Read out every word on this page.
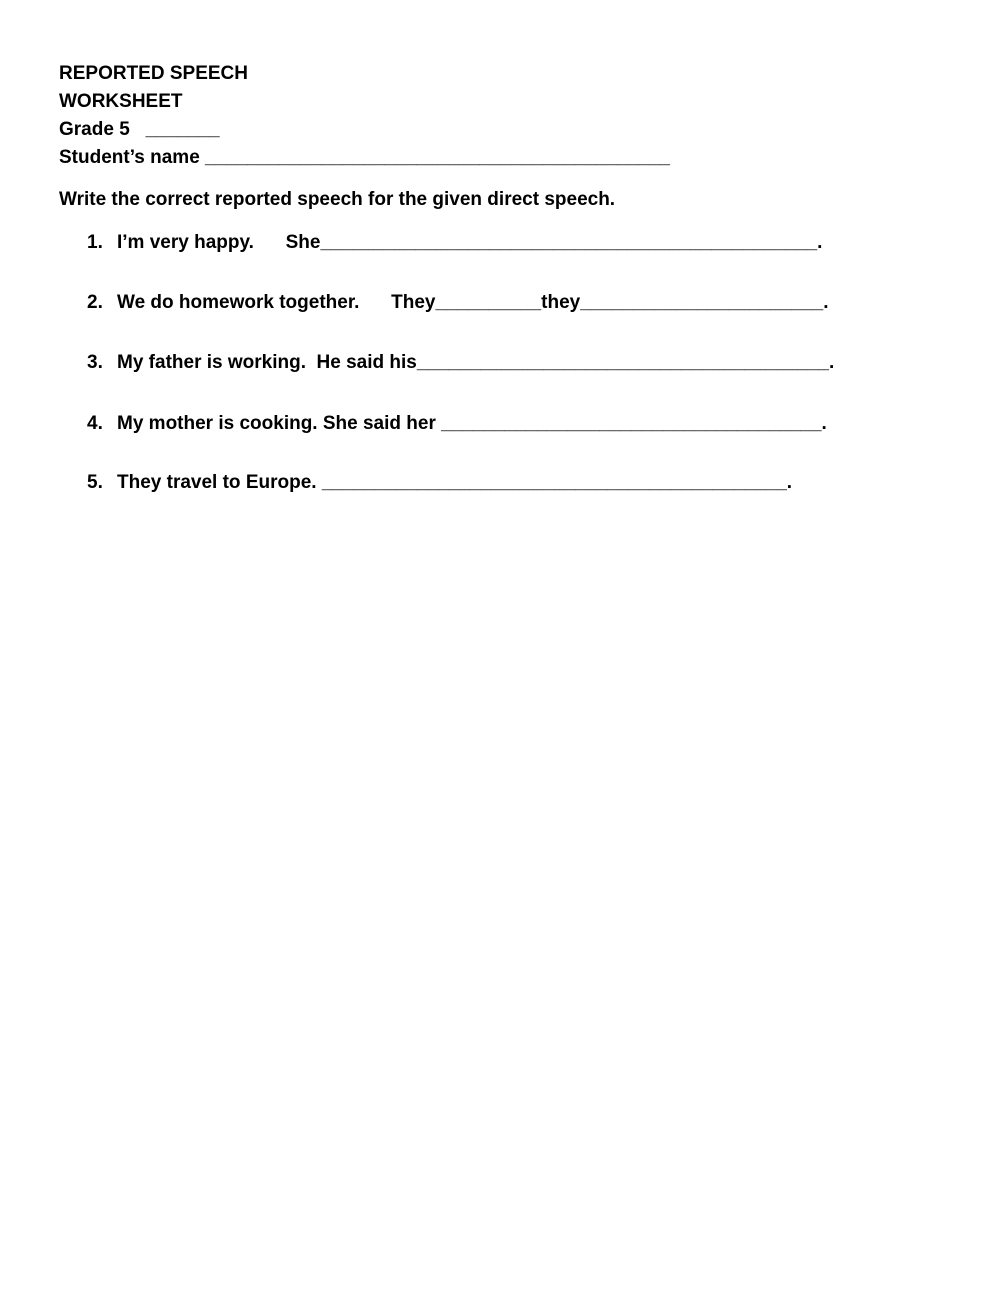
REPORTED SPEECH
WORKSHEET
Grade 5   _______
Student’s name ____________________________________________
Write the correct reported speech for the given direct speech.
1. I’m very happy.      She_______________________________________________.
2. We do homework together.      They__________they_______________________.
3. My father is working.  He said his_______________________________________.
4. My mother is cooking. She said her ____________________________________.
5. They travel to Europe. ____________________________________________.
